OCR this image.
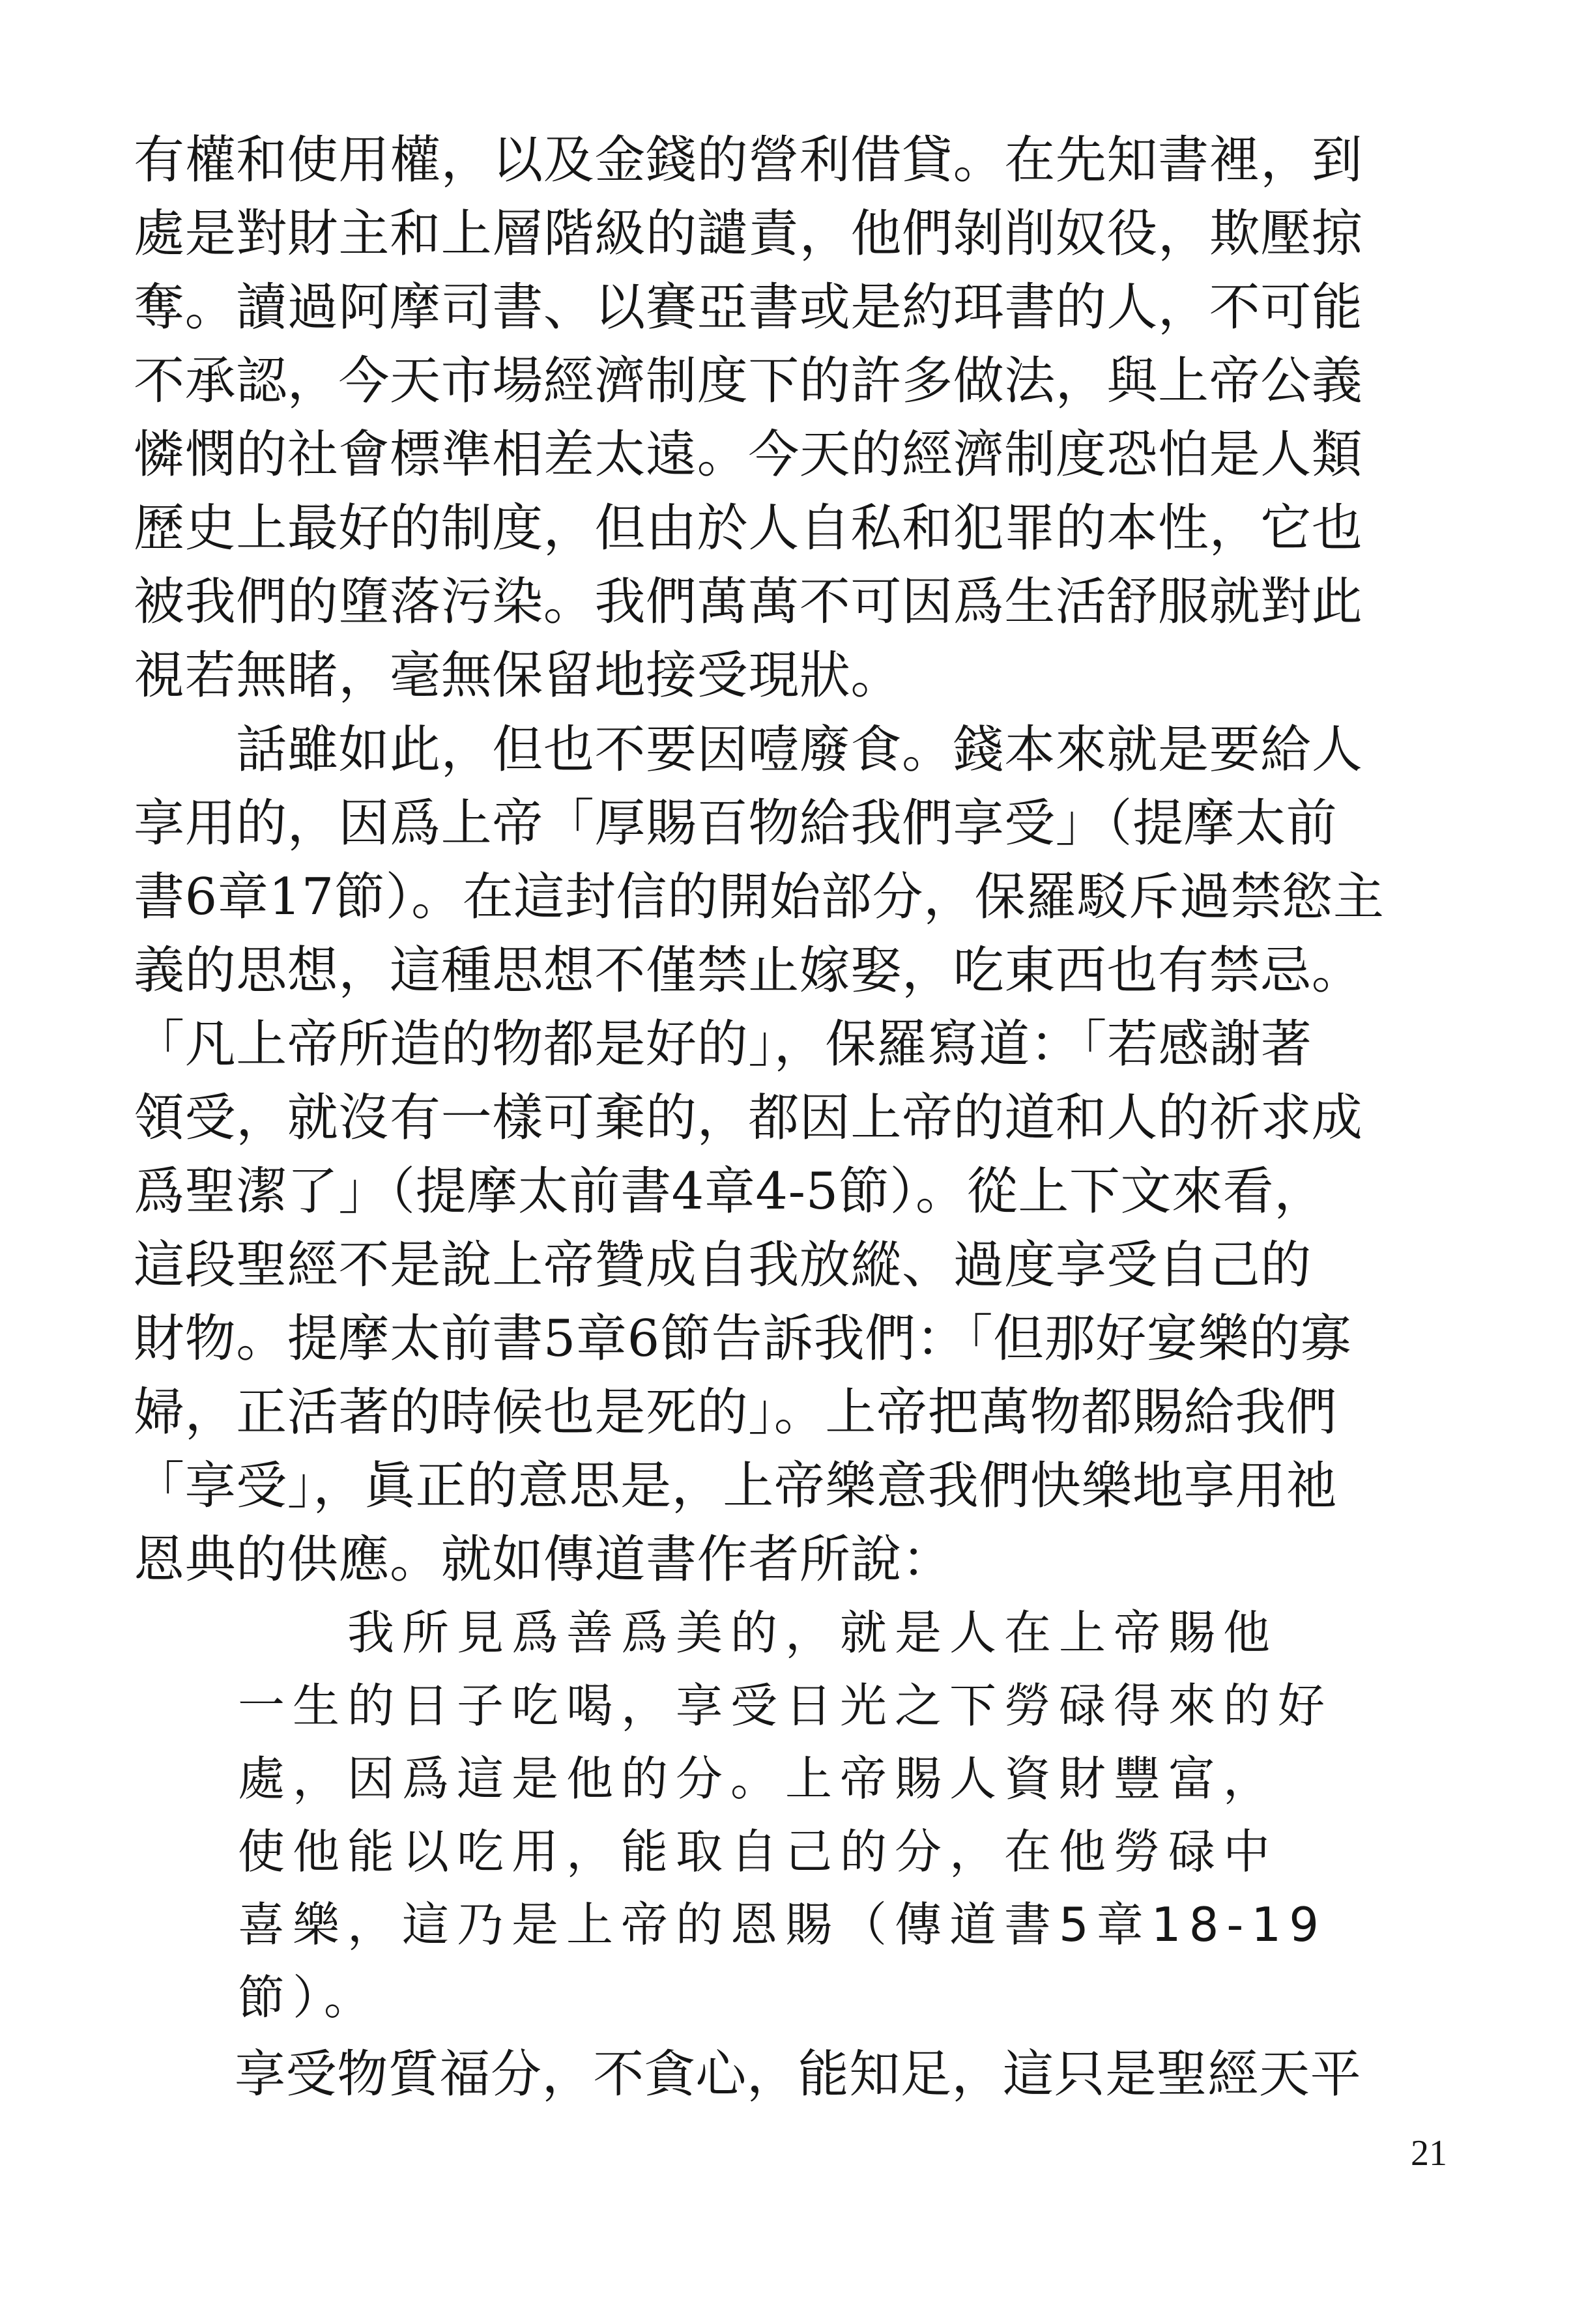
有權和使用權，以及金錢的營利借貸。在先知書裡，到
處是對財主和上層階級的譴責，他們剝削奴役，欺壓掠
奪。讀過阿摩司書、以賽亞書或是約珥書的人，不可能
不承認，今天市場經濟制度下的許多做法，與上帝公義
憐憫的社會標準相差太遠。今天的經濟制度恐怕是人類
歷史上最好的制度，但由於人自私和犯罪的本性，它也
被我們的墮落污染。我們萬萬不可因爲生活舒服就對此
視若無睹，毫無保留地接受現狀。
　　話雖如此，但也不要因噎廢食。錢本來就是要給人
享用的，因爲上帝「厚賜百物給我們享受」（提摩太前
書6章17節）。在這封信的開始部分，保羅駁斥過禁慾主
義的思想，這種思想不僅禁止嫁娶，吃東西也有禁忌。
「凡上帝所造的物都是好的」，保羅寫道：「若感謝著
領受，就沒有一樣可棄的，都因上帝的道和人的祈求成
爲聖潔了」（提摩太前書4章4-5節）。從上下文來看，
這段聖經不是說上帝贊成自我放縱、過度享受自己的
財物。提摩太前書5章6節告訴我們：「但那好宴樂的寡
婦，正活著的時候也是死的」。上帝把萬物都賜給我們
「享受」，眞正的意思是，上帝樂意我們快樂地享用祂
恩典的供應。就如傳道書作者所說：
　　我所見爲善爲美的，就是人在上帝賜他
一生的日子吃喝，享受日光之下勞碌得來的好
處，因爲這是他的分。上帝賜人資財豐富，
使他能以吃用，能取自己的分，在他勞碌中
喜樂，這乃是上帝的恩賜（傳道書5章18-19
節）。
享受物質福分，不貪心，能知足，這只是聖經天平
21
